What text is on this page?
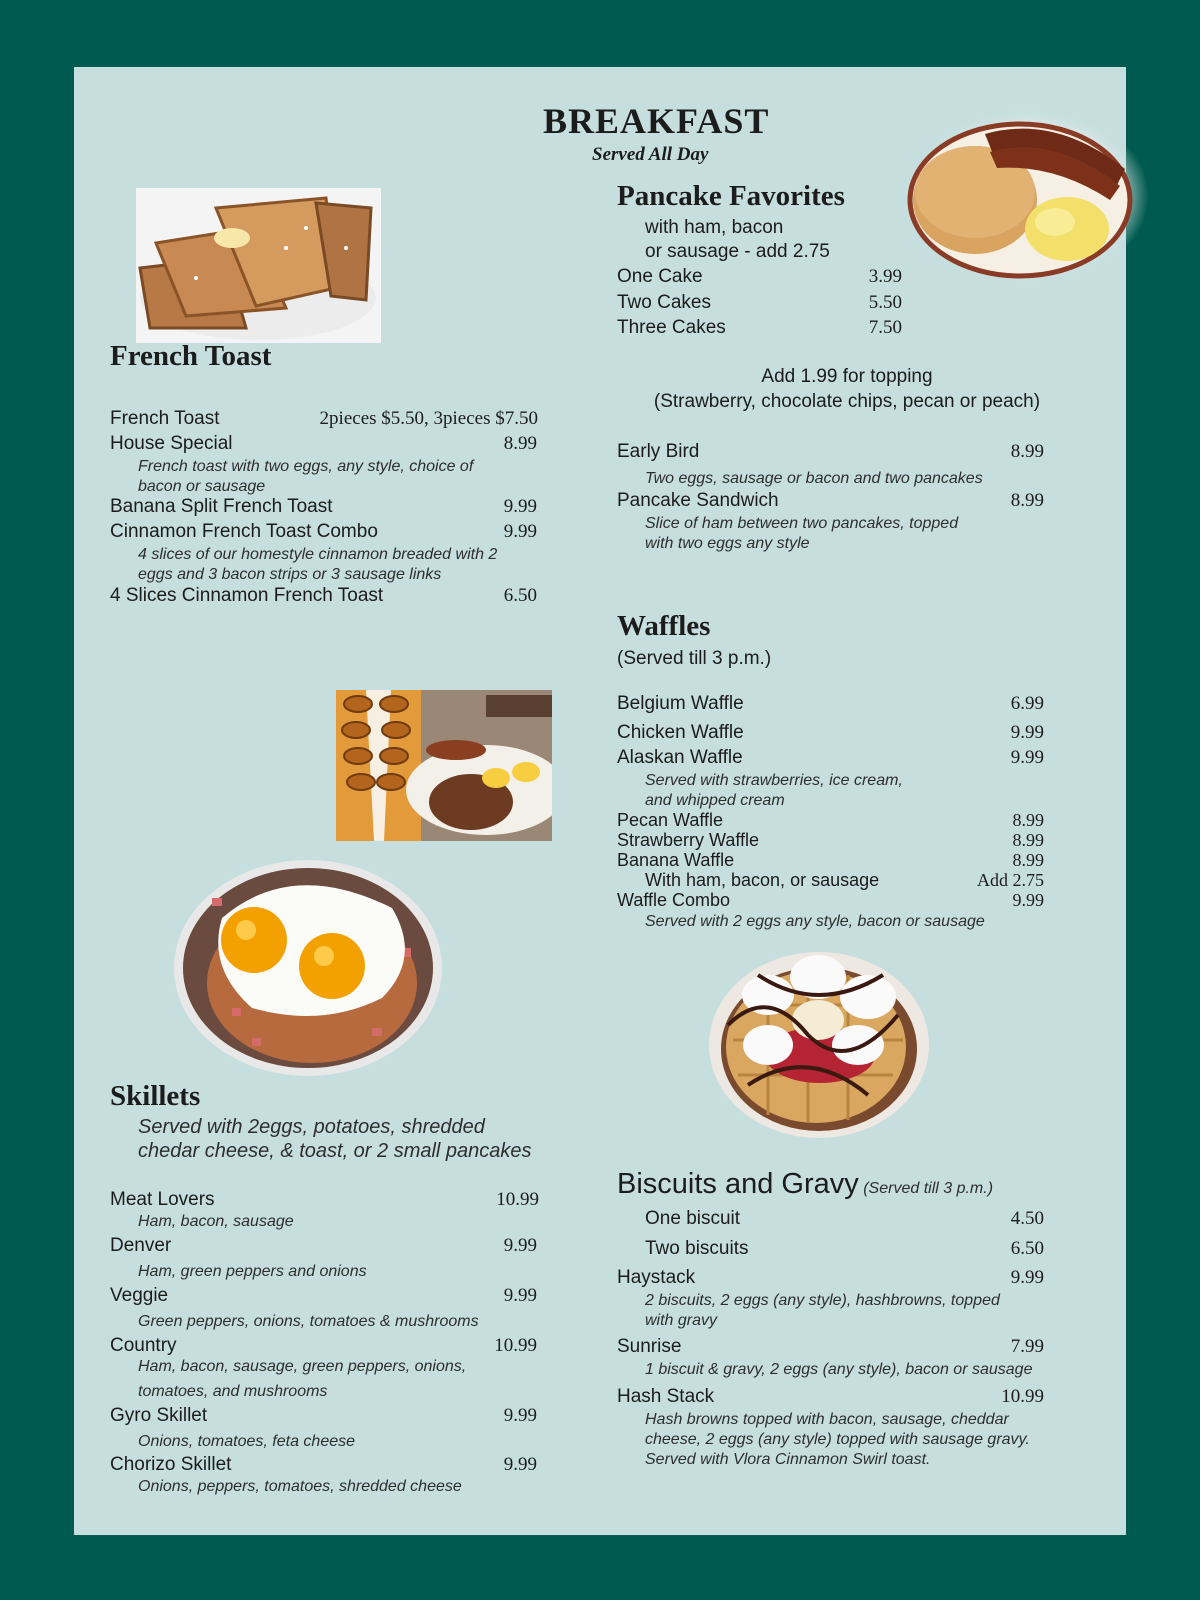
BREAKFAST
Served All Day
Pancake Favorites
with ham, bacon
or sausage - add 2.75
One Cake	3.99
Two Cakes	5.50
Three Cakes	7.50
Add 1.99 for topping
(Strawberry, chocolate chips, pecan or peach)
Early Bird	8.99
Two eggs, sausage or bacon and two pancakes
Pancake Sandwich	8.99
Slice of ham between two pancakes, topped
with two eggs any style
French Toast
French Toast	2pieces $5.50, 3pieces $7.50
House Special	8.99
French toast with two eggs, any style, choice of
bacon or sausage
Banana Split French Toast	9.99
Cinnamon French Toast Combo	9.99
4 slices of our homestyle cinnamon breaded with 2
eggs and 3 bacon strips or 3 sausage links
4 Slices Cinnamon French Toast	6.50
Waffles
(Served till 3 p.m.)
Belgium Waffle	6.99
Chicken Waffle	9.99
Alaskan Waffle	9.99
Served with strawberries, ice cream,
and whipped cream
Pecan Waffle	8.99
Strawberry Waffle	8.99
Banana Waffle	8.99
With ham, bacon, or sausage	Add 2.75
Waffle Combo	9.99
Served with 2 eggs any style, bacon or sausage
Skillets
Served with 2eggs, potatoes, shredded
chedar cheese, & toast, or 2 small pancakes
Meat Lovers	10.99
Ham, bacon, sausage
Denver	9.99
Ham, green peppers and onions
Veggie	9.99
Green peppers, onions, tomatoes & mushrooms
Country	10.99
Ham, bacon, sausage, green peppers, onions,
tomatoes, and mushrooms
Gyro Skillet	9.99
Onions, tomatoes, feta cheese
Chorizo Skillet	9.99
Onions, peppers, tomatoes, shredded cheese
Biscuits and Gravy (Served till 3 p.m.)
One biscuit	4.50
Two biscuits	6.50
Haystack	9.99
2 biscuits, 2 eggs (any style), hashbrowns, topped
with gravy
Sunrise	7.99
1 biscuit & gravy, 2 eggs (any style), bacon or sausage
Hash Stack	10.99
Hash browns topped with bacon, sausage, cheddar
cheese, 2 eggs (any style) topped with sausage gravy.
Served with Vlora Cinnamon Swirl toast.
